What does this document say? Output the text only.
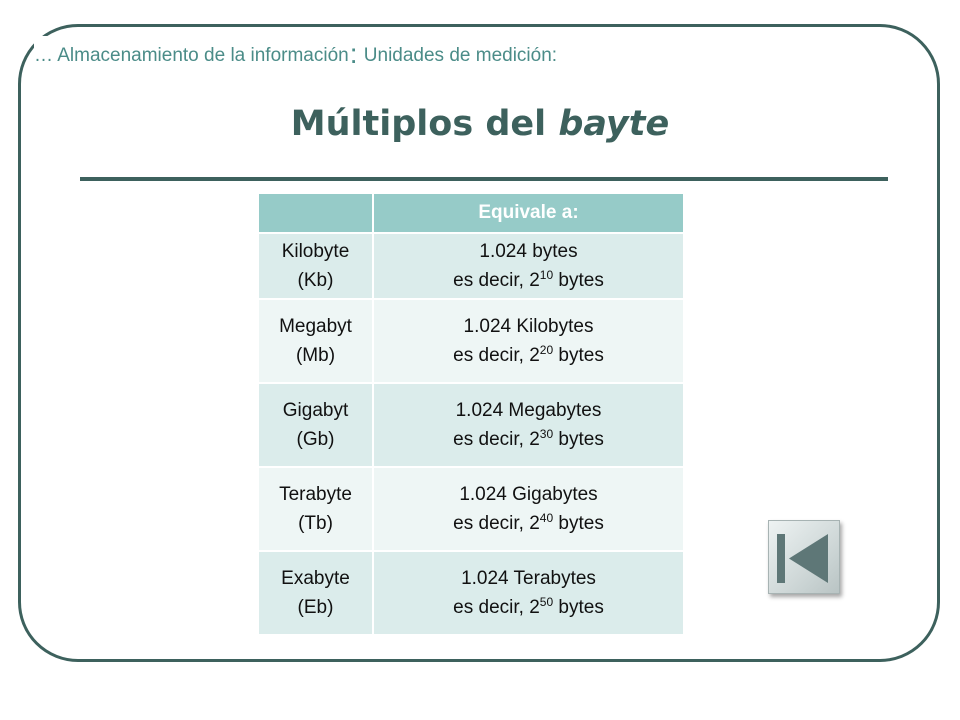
… Almacenamiento de la información: Unidades de medición:
Múltiplos del bayte
	Equivale a:
Kilobyte
(Kb)	1.024 bytes
es decir, $2^{10}$ bytes
Megabyt
(Mb)	1.024 Kilobytes
es decir, $2^{20}$ bytes
Gigabyt
(Gb)	1.024 Megabytes
es decir, $2^{30}$ bytes
Terabyte
(Tb)	1.024 Gigabytes
es decir, $2^{40}$ bytes
Exabyte
(Eb)	1.024 Terabytes
es decir, $2^{50}$ bytes
